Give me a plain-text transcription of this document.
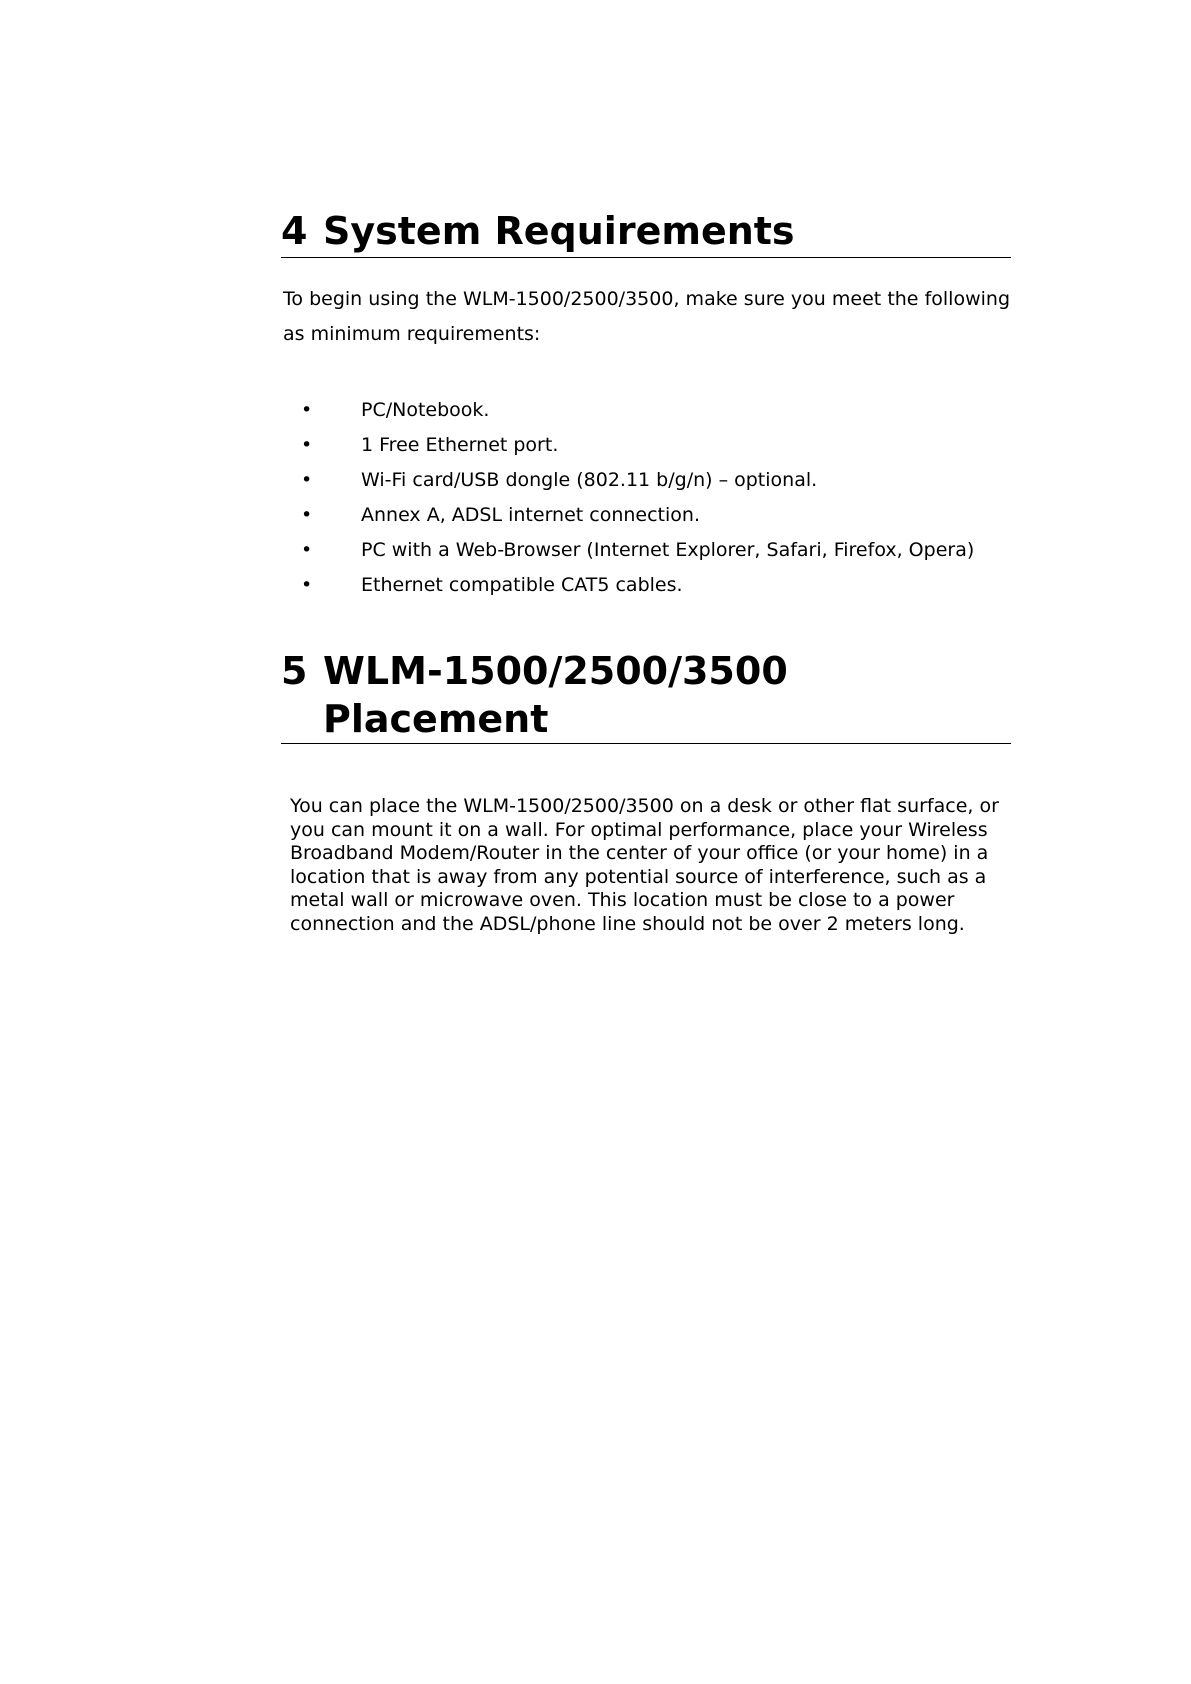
4 System Requirements

To begin using the WLM-1500/2500/3500, make sure you meet the following as minimum requirements:

•	PC/Notebook.
•	1 Free Ethernet port.
•	Wi-Fi card/USB dongle (802.11 b/g/n) – optional.
•	Annex A, ADSL internet connection.
•	PC with a Web-Browser (Internet Explorer, Safari, Firefox, Opera)
•	Ethernet compatible CAT5 cables.
5 WLM-1500/2500/3500
Placement

You can place the WLM-1500/2500/3500 on a desk or other flat surface, or you can mount it on a wall. For optimal performance, place your Wireless Broadband Modem/Router in the center of your office (or your home) in a location that is away from any potential source of interference, such as a metal wall or microwave oven. This location must be close to a power connection and the ADSL/phone line should not be over 2 meters long.
